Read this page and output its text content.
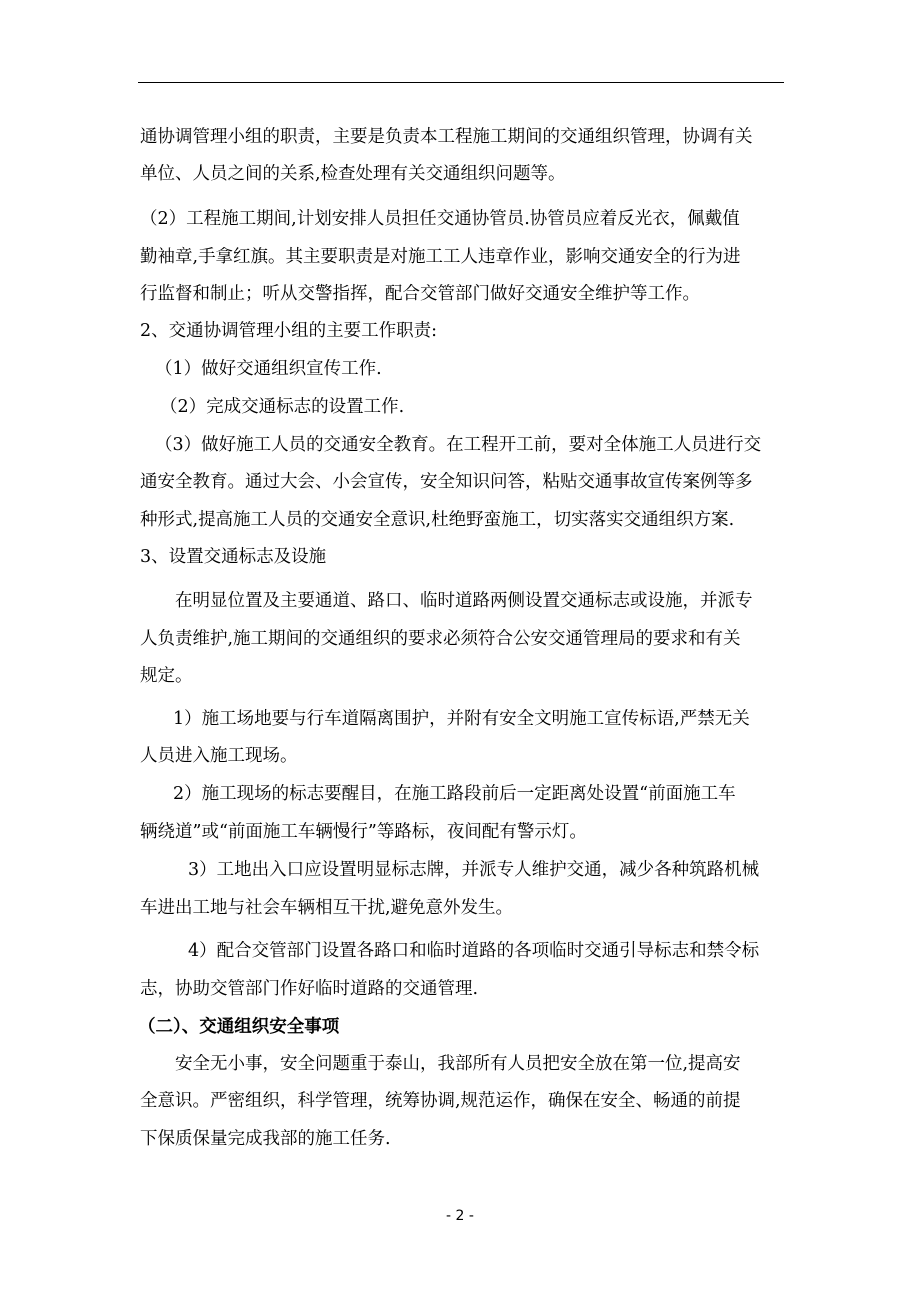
通协调管理小组的职责，主要是负责本工程施工期间的交通组织管理，协调有关
单位、人员之间的关系,检查处理有关交通组织问题等。
（2）工程施工期间,计划安排人员担任交通协管员.协管员应着反光衣，佩戴值
勤袖章,手拿红旗。其主要职责是对施工工人违章作业，影响交通安全的行为进
行监督和制止；听从交警指挥，配合交管部门做好交通安全维护等工作。
2、交通协调管理小组的主要工作职责:
（1）做好交通组织宣传工作.
（2）完成交通标志的设置工作.
（3）做好施工人员的交通安全教育。在工程开工前，要对全体施工人员进行交
通安全教育。通过大会、小会宣传，安全知识问答，粘贴交通事故宣传案例等多
种形式,提高施工人员的交通安全意识,杜绝野蛮施工，切实落实交通组织方案.
3、设置交通标志及设施
在明显位置及主要通道、路口、临时道路两侧设置交通标志或设施，并派专
人负责维护,施工期间的交通组织的要求必须符合公安交通管理局的要求和有关
规定。
1）施工场地要与行车道隔离围护，并附有安全文明施工宣传标语,严禁无关
人员进入施工现场。
2）施工现场的标志要醒目，在施工路段前后一定距离处设置“前面施工车
辆绕道”或“前面施工车辆慢行”等路标，夜间配有警示灯。
3）工地出入口应设置明显标志牌，并派专人维护交通，减少各种筑路机械
车进出工地与社会车辆相互干扰,避免意外发生。
4）配合交管部门设置各路口和临时道路的各项临时交通引导标志和禁令标
志，协助交管部门作好临时道路的交通管理.
（二）、交通组织安全事项
安全无小事，安全问题重于泰山，我部所有人员把安全放在第一位,提高安
全意识。严密组织，科学管理，统筹协调,规范运作，确保在安全、畅通的前提
下保质保量完成我部的施工任务.
- 2 -
